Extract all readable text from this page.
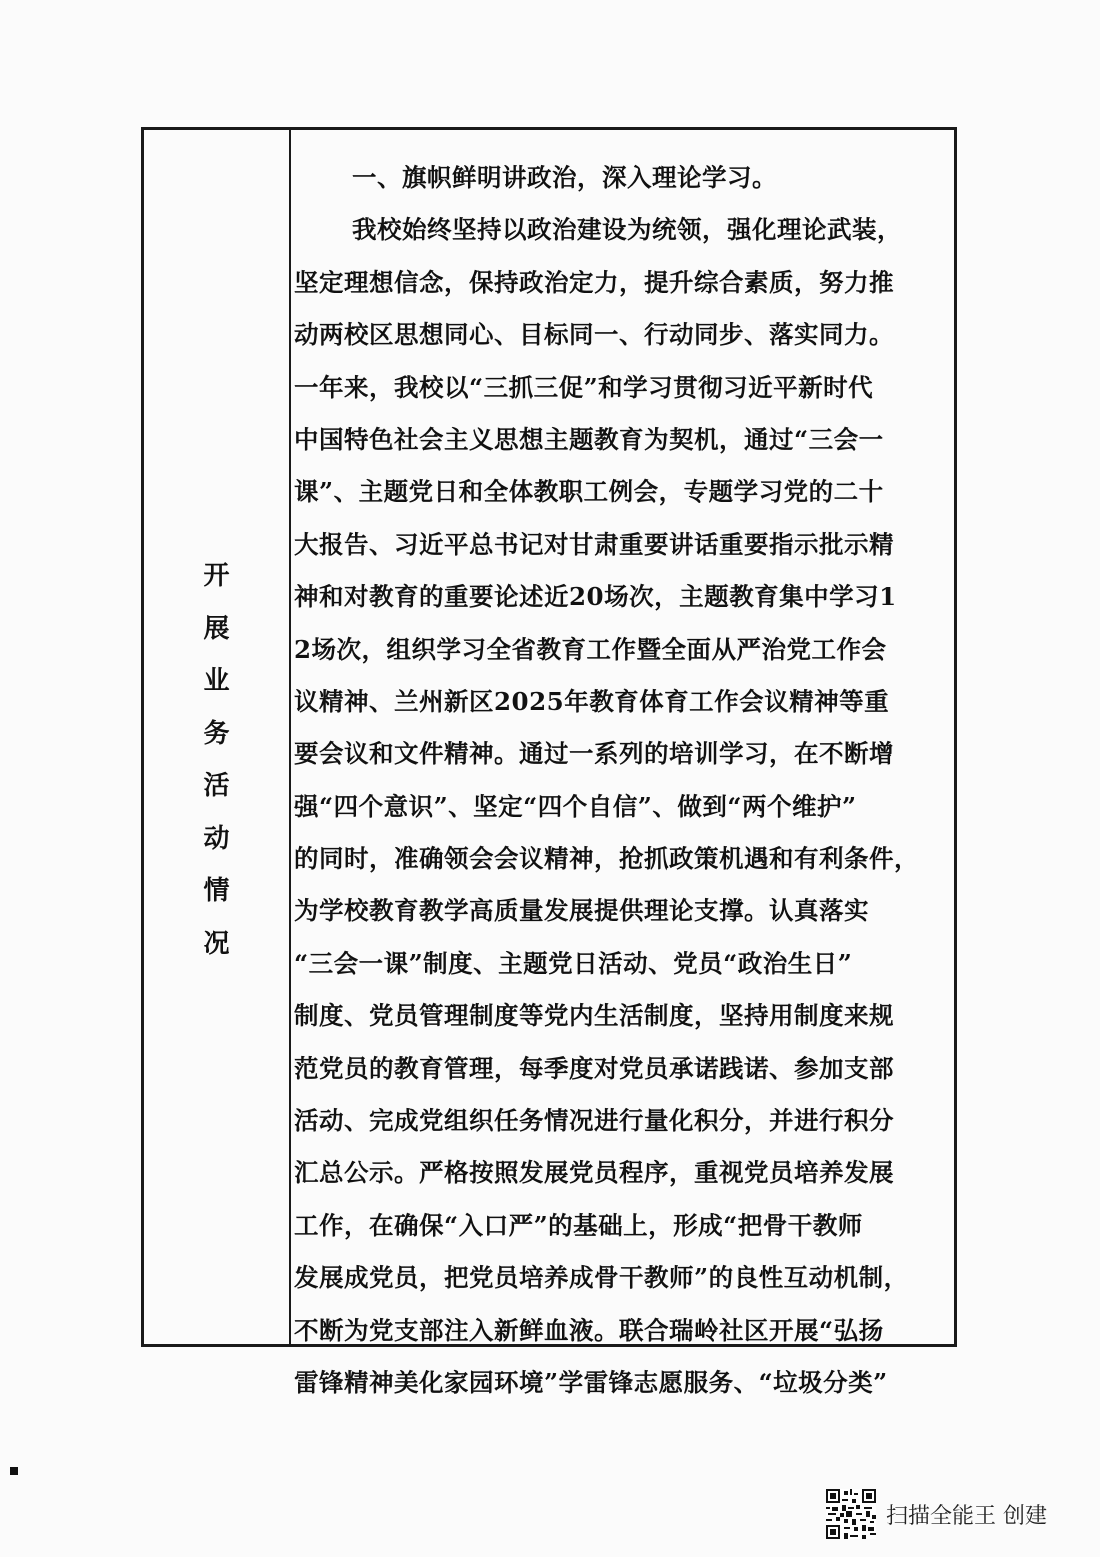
开
展
业
务
活
动
情
况
一、旗帜鲜明讲政治，深入理论学习。
我校始终坚持以政治建设为统领，强化理论武装，
坚定理想信念，保持政治定力，提升综合素质，努力推
动两校区思想同心、目标同一、行动同步、落实同力。
一年来，我校以“三抓三促”和学习贯彻习近平新时代
中国特色社会主义思想主题教育为契机，通过“三会一
课”、主题党日和全体教职工例会，专题学习党的二十
大报告、习近平总书记对甘肃重要讲话重要指示批示精
神和对教育的重要论述近20场次，主题教育集中学习1
2场次，组织学习全省教育工作暨全面从严治党工作会
议精神、兰州新区2025年教育体育工作会议精神等重
要会议和文件精神。通过一系列的培训学习，在不断增
强“四个意识”、坚定“四个自信”、做到“两个维护”
的同时，准确领会会议精神，抢抓政策机遇和有利条件，
为学校教育教学高质量发展提供理论支撑。认真落实
“三会一课”制度、主题党日活动、党员“政治生日”
制度、党员管理制度等党内生活制度，坚持用制度来规
范党员的教育管理，每季度对党员承诺践诺、参加支部
活动、完成党组织任务情况进行量化积分，并进行积分
汇总公示。严格按照发展党员程序，重视党员培养发展
工作，在确保“入口严”的基础上，形成“把骨干教师
发展成党员，把党员培养成骨干教师”的良性互动机制，
不断为党支部注入新鲜血液。联合瑞岭社区开展“弘扬
雷锋精神美化家园环境”学雷锋志愿服务、“垃圾分类”
扫描全能王 创建
